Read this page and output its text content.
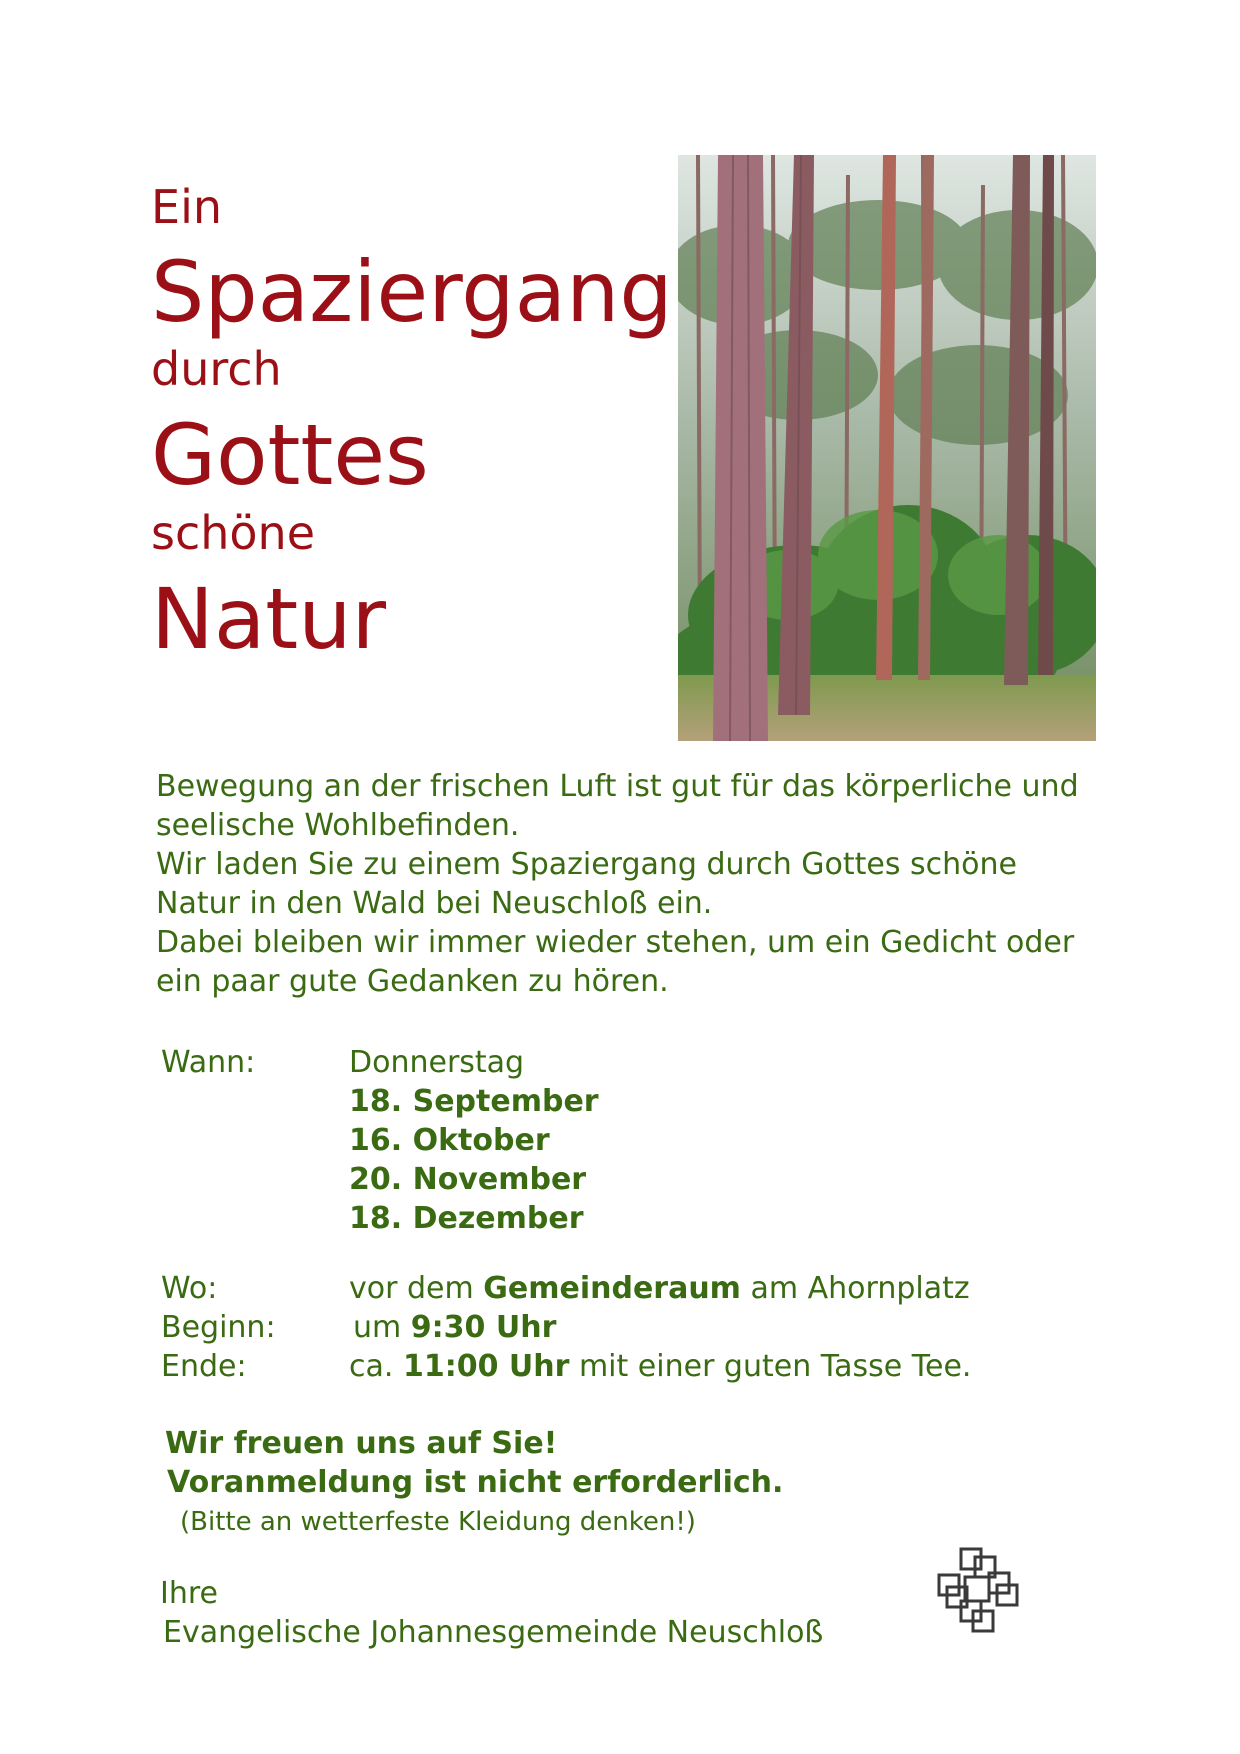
Ein
Spaziergang
durch
Gottes
schöne
Natur
Bewegung an der frischen Luft ist gut für das körperliche und
seelische Wohlbefinden.
Wir laden Sie zu einem Spaziergang durch Gottes schöne
Natur in den Wald bei Neuschloß ein.
Dabei bleiben wir immer wieder stehen, um ein Gedicht oder
ein paar gute Gedanken zu hören.
Wann:	Donnerstag
18. September
16. Oktober
20. November
18. Dezember
Wo:	vor dem Gemeinderaum am Ahornplatz
Beginn:	um 9:30 Uhr
Ende:	ca. 11:00 Uhr mit einer guten Tasse Tee.
Wir freuen uns auf Sie!
Voranmeldung ist nicht erforderlich.
(Bitte an wetterfeste Kleidung denken!)
Ihre
Evangelische Johannesgemeinde Neuschloß
